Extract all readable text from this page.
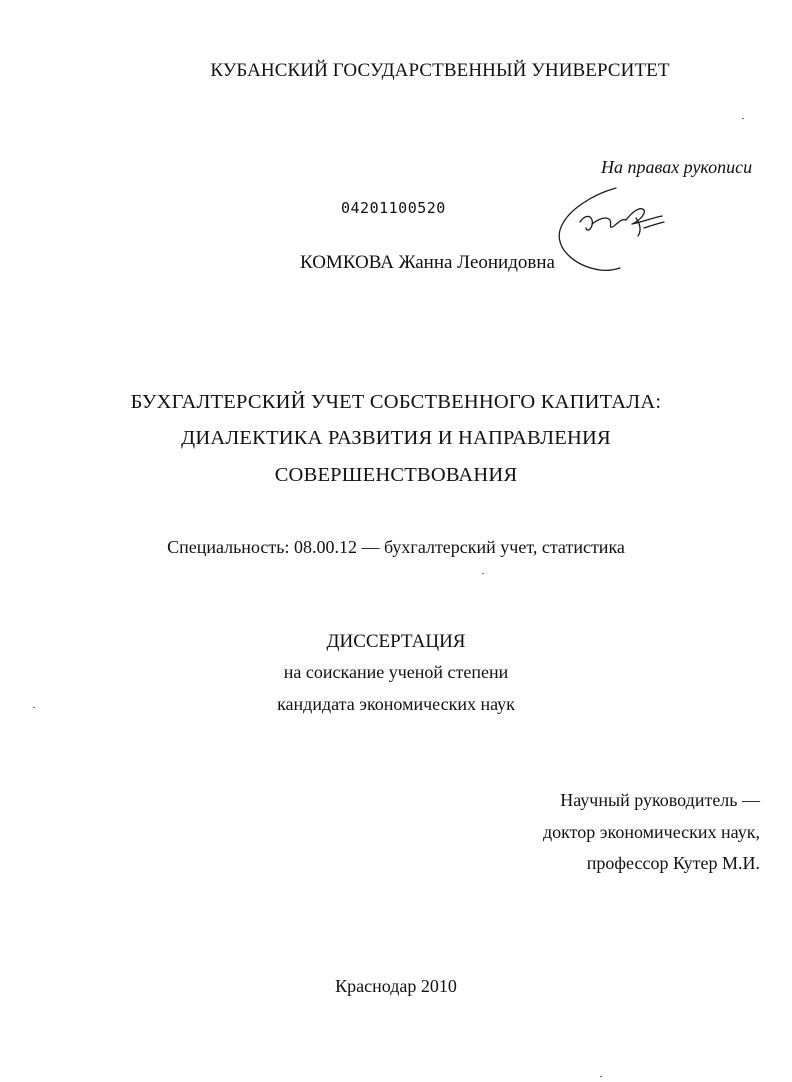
КУБАНСКИЙ ГОСУДАРСТВЕННЫЙ УНИВЕРСИТЕТ

На правах рукописи

04201100520

КОМКОВА Жанна Леонидовна

БУХГАЛТЕРСКИЙ УЧЕТ СОБСТВЕННОГО КАПИТАЛА:

ДИАЛЕКТИКА РАЗВИТИЯ И НАПРАВЛЕНИЯ

СОВЕРШЕНСТВОВАНИЯ

Специальность: 08.00.12 — бухгалтерский учет, статистика

ДИССЕРТАЦИЯ

на соискание ученой степени

кандидата экономических наук

Научный руководитель —

доктор экономических наук,

профессор Кутер М.И.

Краснодар 2010
